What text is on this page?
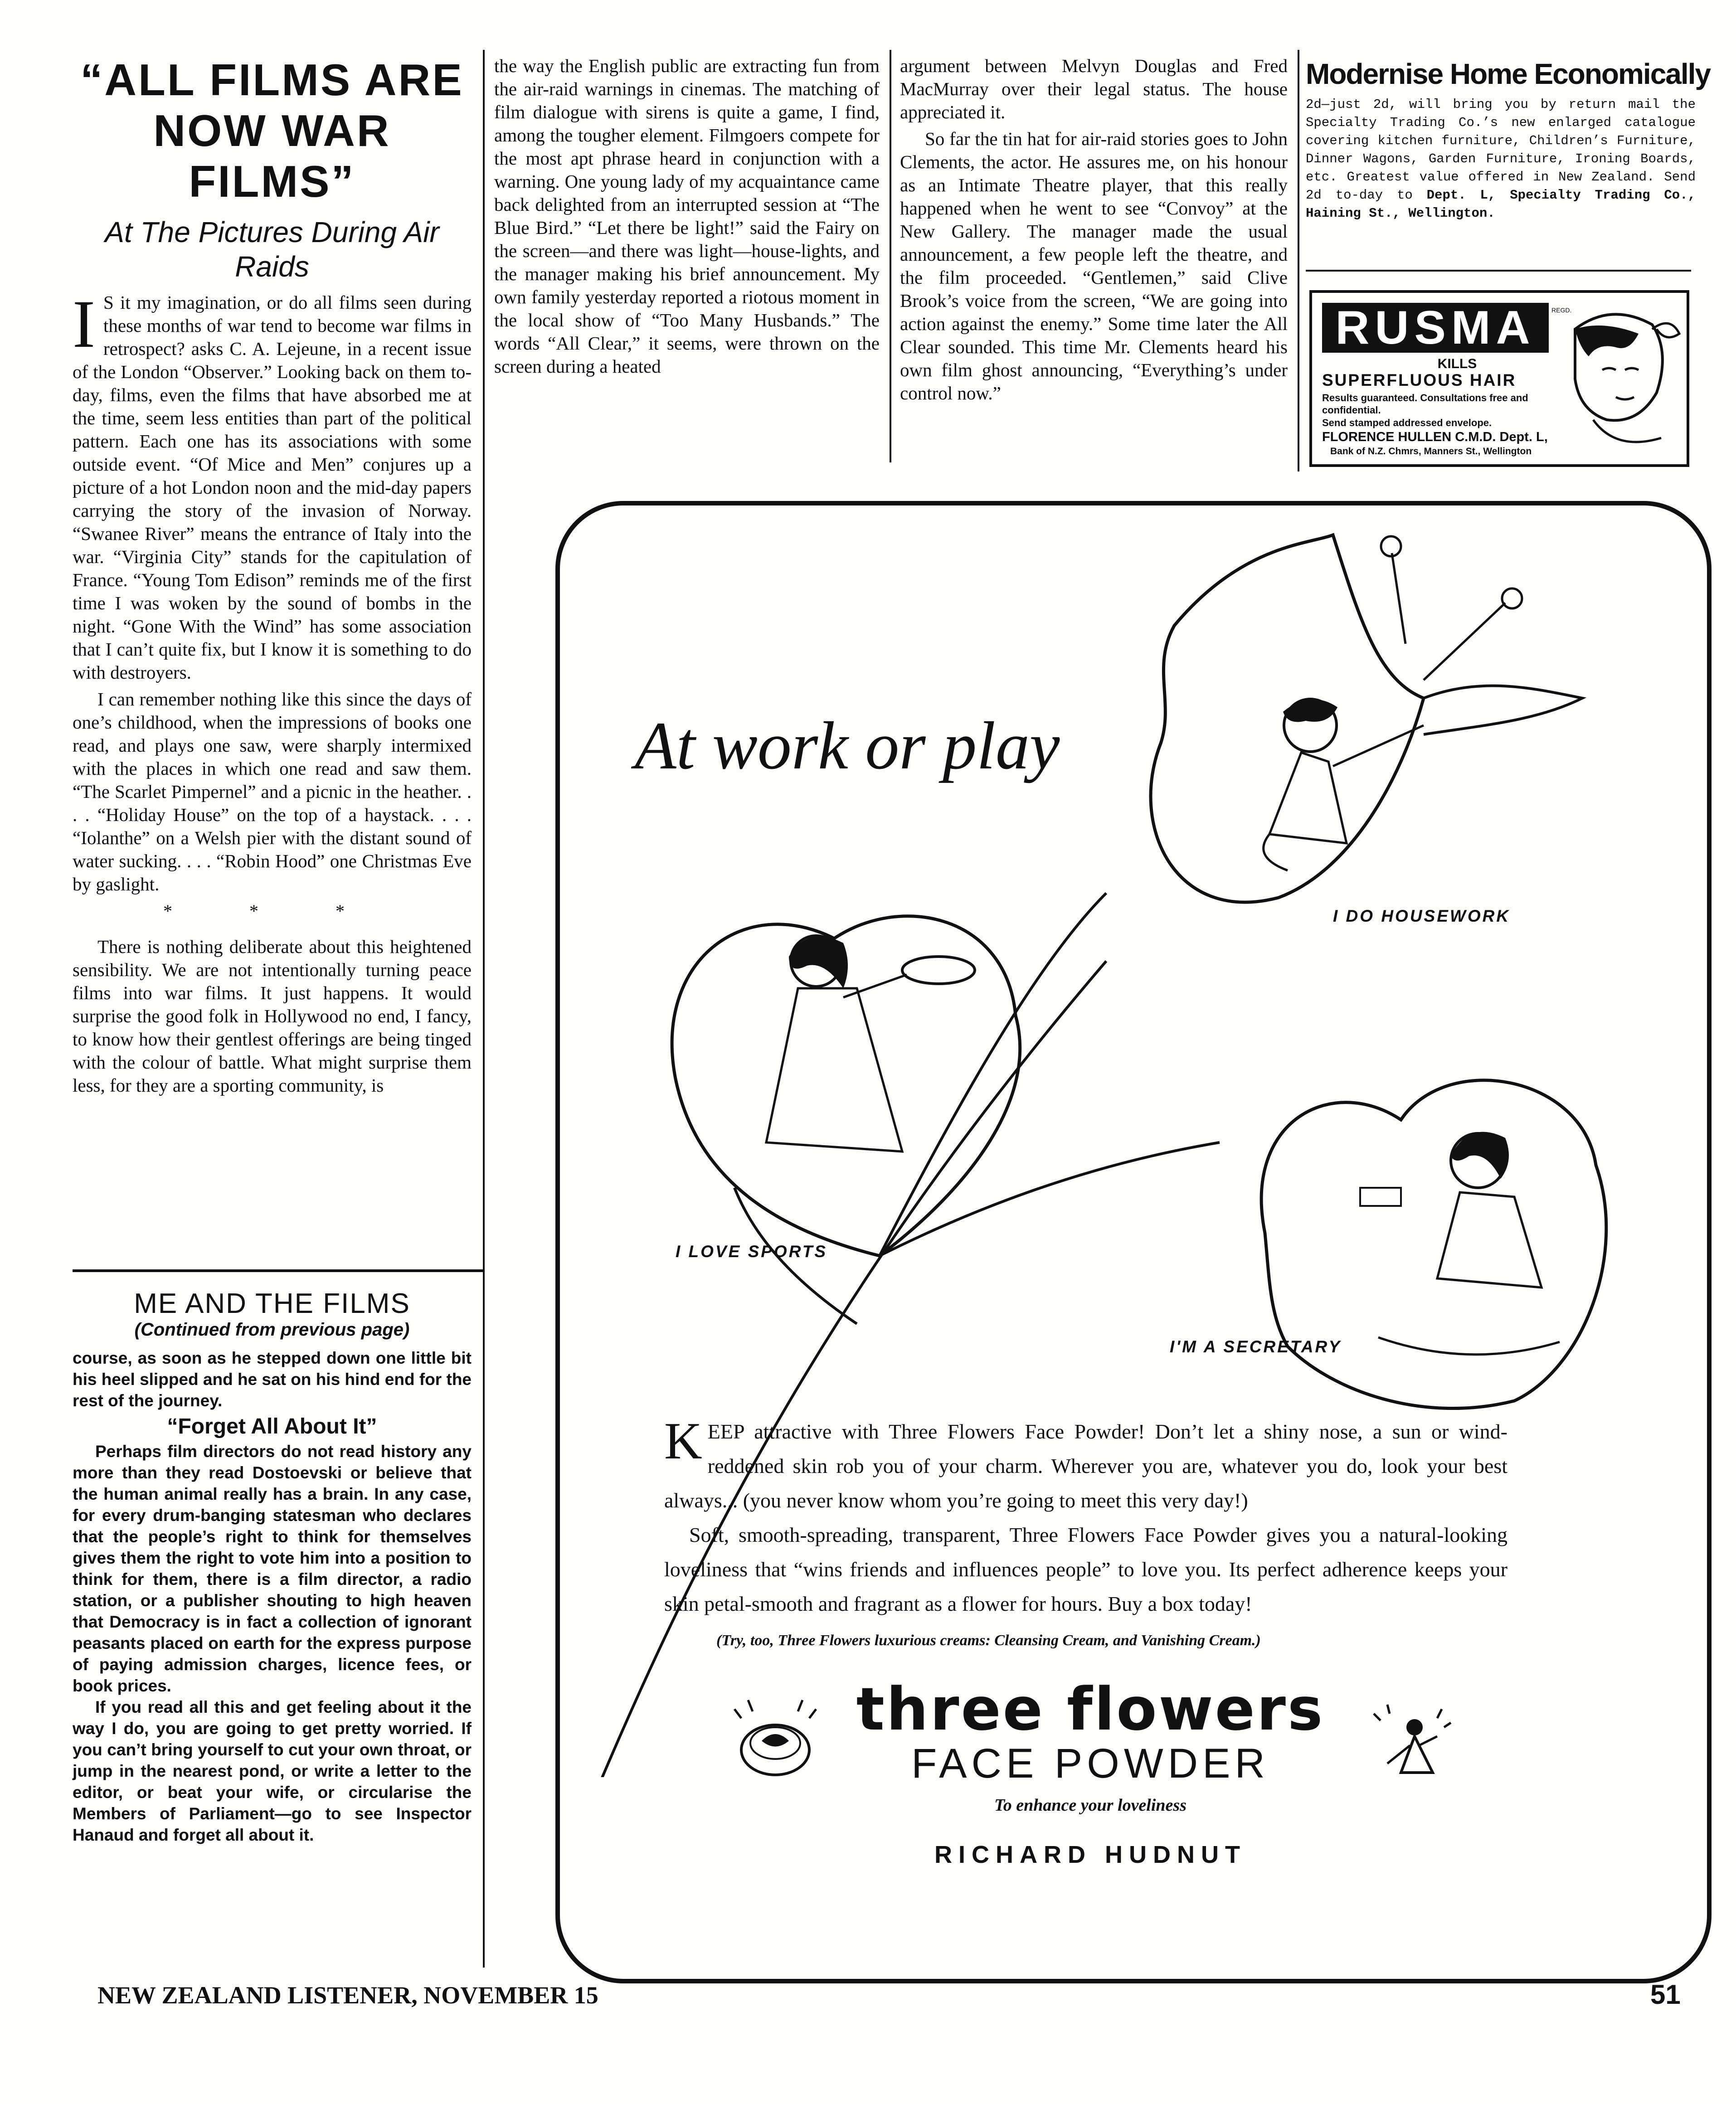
“ALL FILMS ARE NOW WAR FILMS”
At The Pictures During Air Raids

I S it my imagination, or do all films seen during these months of war tend to become war films in retrospect? asks C. A. Lejeune, in a recent issue of the London “Observer.” Looking back on them to-day, films, even the films that have absorbed me at the time, seem less entities than part of the political pattern. Each one has its associations with some outside event. “Of Mice and Men” conjures up a picture of a hot London noon and the mid-day papers carrying the story of the invasion of Norway. “Swanee River” means the entrance of Italy into the war. “Virginia City” stands for the capitulation of France. “Young Tom Edison” reminds me of the first time I was woken by the sound of bombs in the night. “Gone With the Wind” has some association that I can’t quite fix, but I know it is something to do with destroyers.

I can remember nothing like this since the days of one’s childhood, when the impressions of books one read, and plays one saw, were sharply intermixed with the places in which one read and saw them. “The Scarlet Pimpernel” and a picnic in the heather. . . . “Holiday House” on the top of a haystack. . . . “Iolanthe” on a Welsh pier with the distant sound of water sucking. . . . “Robin Hood” one Christmas Eve by gaslight.

* * *

There is nothing deliberate about this heightened sensibility. We are not intentionally turning peace films into war films. It just happens. It would surprise the good folk in Hollywood no end, I fancy, to know how their gentlest offerings are being tinged with the colour of battle. What might surprise them less, for they are a sporting community, is

ME AND THE FILMS
(Continued from previous page)

course, as soon as he stepped down one little bit his heel slipped and he sat on his hind end for the rest of the journey.

“Forget All About It”

Perhaps film directors do not read history any more than they read Dostoevski or believe that the human animal really has a brain. In any case, for every drum-banging statesman who declares that the people’s right to think for themselves gives them the right to vote him into a position to think for them, there is a film director, a radio station, or a publisher shouting to high heaven that Democracy is in fact a collection of ignorant peasants placed on earth for the express purpose of paying admission charges, licence fees, or book prices.

If you read all this and get feeling about it the way I do, you are going to get pretty worried. If you can’t bring yourself to cut your own throat, or jump in the nearest pond, or write a letter to the editor, or beat your wife, or circularise the Members of Parliament—go to see Inspector Hanaud and forget all about it.

the way the English public are extracting fun from the air-raid warnings in cinemas. The matching of film dialogue with sirens is quite a game, I find, among the tougher element. Filmgoers compete for the most apt phrase heard in conjunction with a warning. One young lady of my acquaintance came back delighted from an interrupted session at “The Blue Bird.” “Let there be light!” said the Fairy on the screen—and there was light—house-lights, and the manager making his brief announcement. My own family yesterday reported a riotous moment in the local show of “Too Many Husbands.” The words “All Clear,” it seems, were thrown on the screen during a heated

argument between Melvyn Douglas and Fred MacMurray over their legal status. The house appreciated it.

So far the tin hat for air-raid stories goes to John Clements, the actor. He assures me, on his honour as an Intimate Theatre player, that this really happened when he went to see “Convoy” at the New Gallery. The manager made the usual announcement, a few people left the theatre, and the film proceeded. “Gentlemen,” said Clive Brook’s voice from the screen, “We are going into action against the enemy.” Some time later the All Clear sounded. This time Mr. Clements heard his own film ghost announcing, “Everything’s under control now.”

Modernise Home Economically
2d—just 2d, will bring you by return mail the Specialty Trading Co.’s new enlarged catalogue covering kitchen furniture, Children’s Furniture, Dinner Wagons, Garden Furniture, Ironing Boards, etc. Greatest value offered in New Zealand. Send 2d to-day to Dept. L, Specialty Trading Co., Haining St., Wellington.
RUSMA	REGD.
KILLS
SUPERFLUOUS HAIR
Results guaranteed. Consultations free and confidential.
Send stamped addressed envelope.
FLORENCE HULLEN C.M.D. Dept. L,
Bank of N.Z. Chmrs, Manners St., Wellington
At work or play
I DO HOUSEWORK
I LOVE SPORTS
I'M A SECRETARY

KEEP attractive with Three Flowers Face Powder! Don’t let a shiny nose, a sun or wind-reddened skin rob you of your charm. Wherever you are, whatever you do, look your best always... (you never know whom you’re going to meet this very day!)

Soft, smooth-spreading, transparent, Three Flowers Face Powder gives you a natural-looking loveliness that “wins friends and influences people” to love you. Its perfect adherence keeps your skin petal-smooth and fragrant as a flower for hours. Buy a box today!

(Try, too, Three Flowers luxurious creams: Cleansing Cream, and Vanishing Cream.)
three flowers
FACE POWDER
To enhance your loveliness
RICHARD HUDNUT
NEW ZEALAND LISTENER, NOVEMBER 15	51
